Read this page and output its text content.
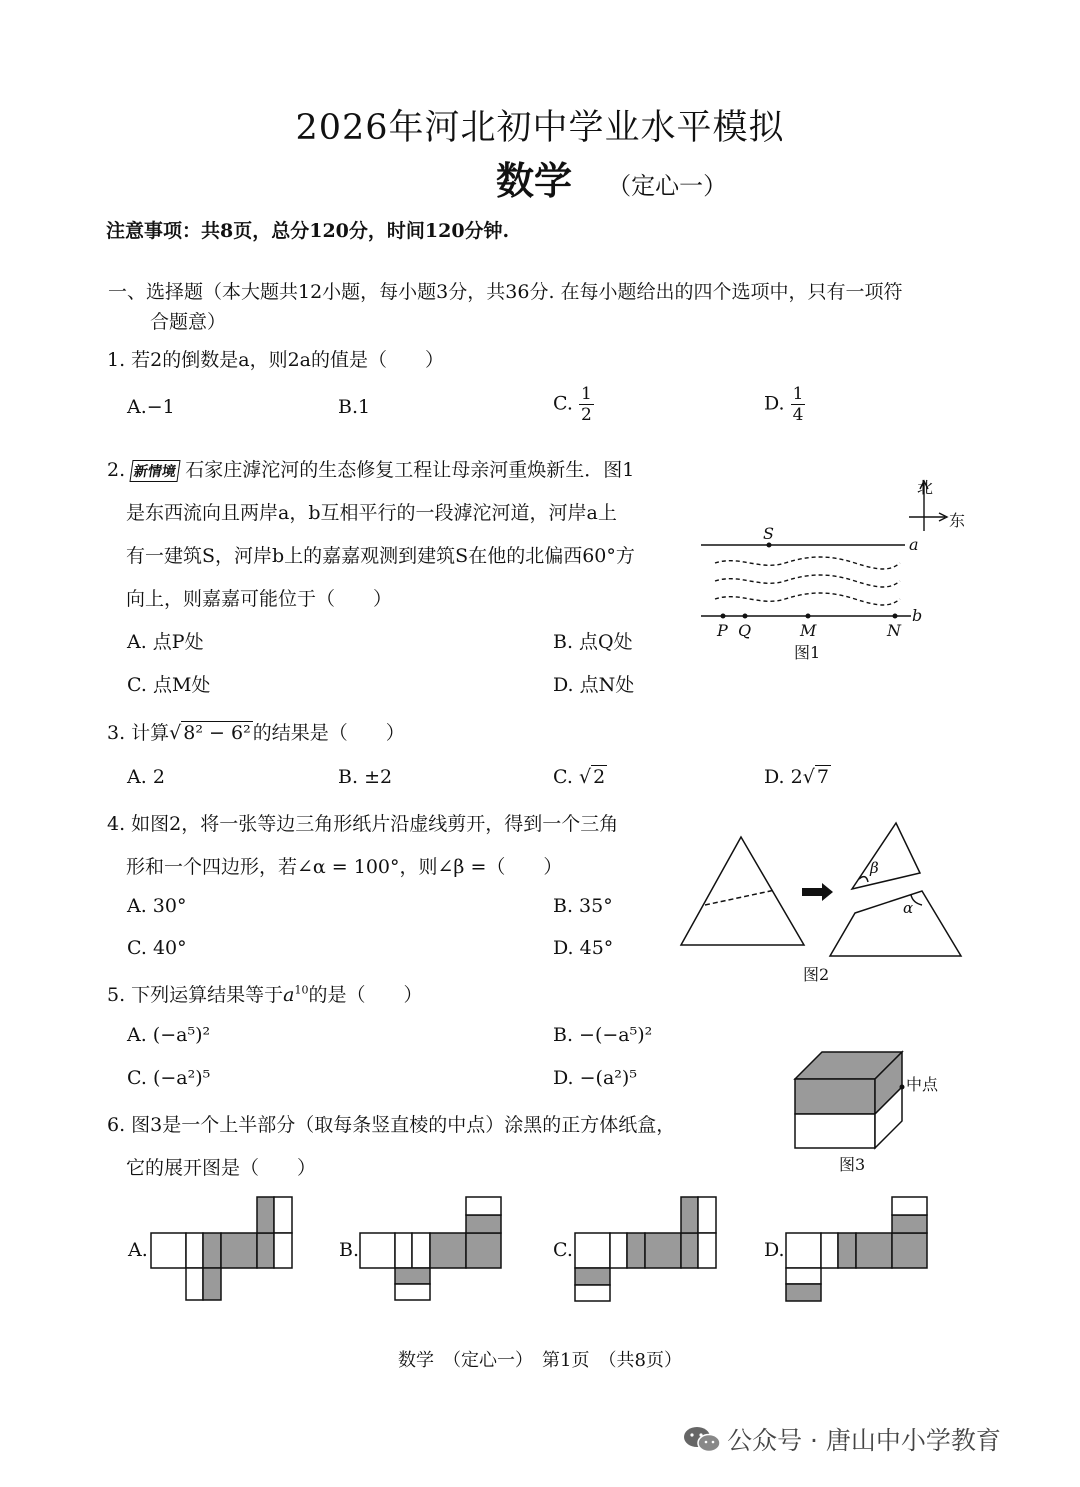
2026年河北初中学业水平模拟
数学 （定心一）
注意事项：共8页，总分120分，时间120分钟.
一、选择题（本大题共12小题，每小题3分，共36分. 在每小题给出的四个选项中，只有一项符
合题意）
1. 若2的倒数是a，则2a的值是（　　）
A.−1	B.1	C. $\frac{1}{2}$	D. $\frac{1}{4}$
2. 新情境 石家庄滹沱河的生态修复工程让母亲河重焕新生．图1
是东西流向且两岸a，b互相平行的一段滹沱河道，河岸a上
有一建筑S，河岸b上的嘉嘉观测到建筑S在他的北偏西60°方
向上，则嘉嘉可能位于（　　）
A. 点P处	B. 点Q处
C. 点M处	D. 点N处
北
东
S
a
b
P Q	M	N
图1
3. 计算√ 8² − 6² 的结果是（　　）
A. 2	B. ±2	C. √ 2	D. 2√ 7
4. 如图2，将一张等边三角形纸片沿虚线剪开，得到一个三角
形和一个四边形，若∠α = 100°，则∠β =（　　）
A. 30°	B. 35°
C. 40°	D. 45°
β
α
图2
5. 下列运算结果等于$a^{10}$的是（　　）
A. (−a⁵)²	B. −(−a⁵)²
C. (−a²)⁵	D. −(a²)⁵	中点
图3
6. 图3是一个上半部分（取每条竖直棱的中点）涂黑的正方体纸盒，
它的展开图是（　　）
A.	B.	C.	D.
数学　（定心一）　第1页　（共8页）
公众号 · 唐山中小学教育
